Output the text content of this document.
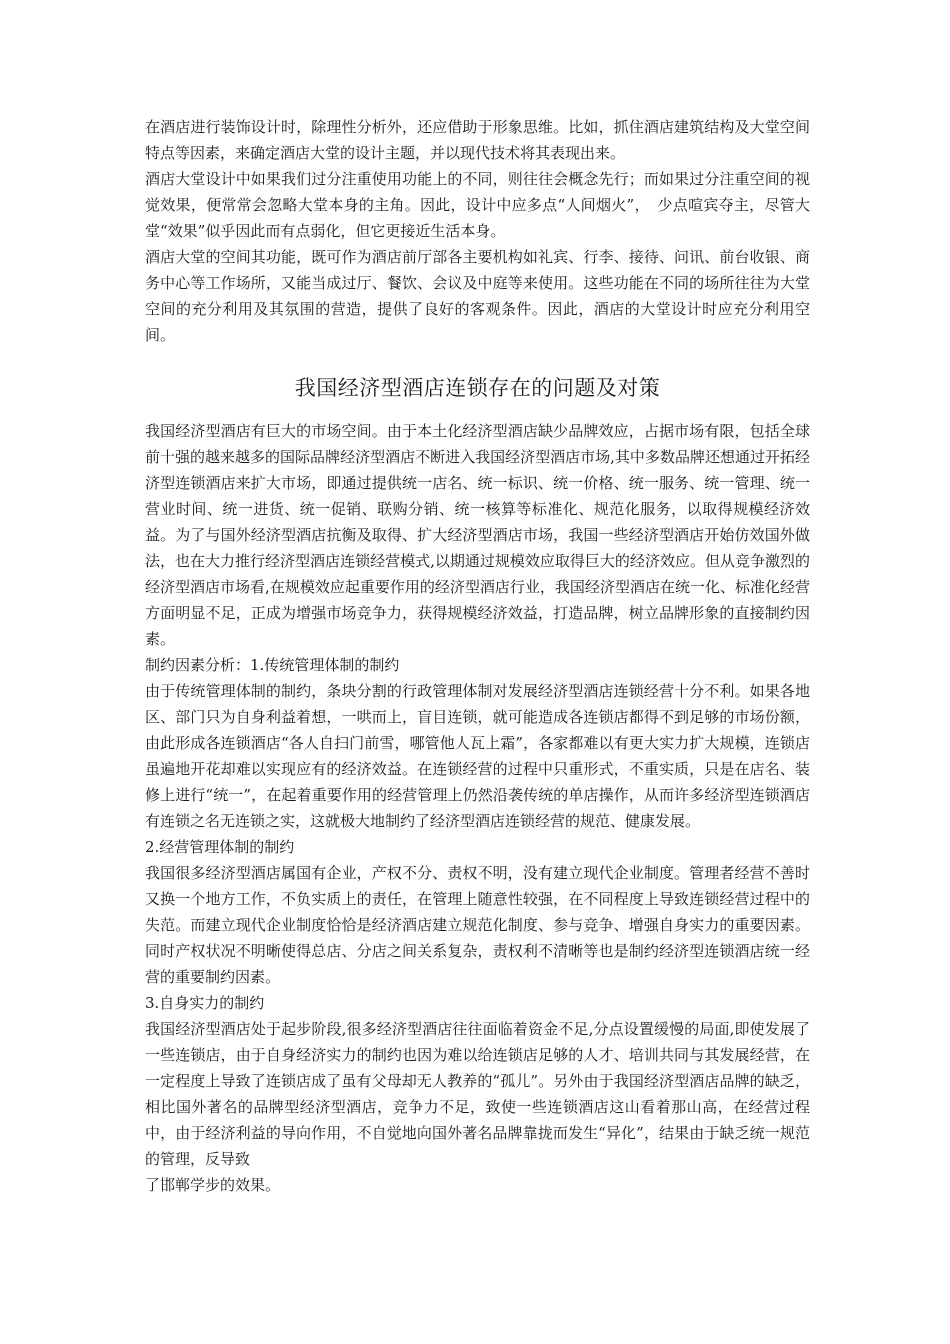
在酒店进行装饰设计时，除理性分析外，还应借助于形象思维。比如，抓住酒店建筑结构及大堂空间特点等因素，来确定酒店大堂的设计主题，并以现代技术将其表现出来。

酒店大堂设计中如果我们过分注重使用功能上的不同，则往往会概念先行；而如果过分注重空间的视觉效果，便常常会忽略大堂本身的主角。因此，设计中应多点“人间烟火”，　少点喧宾夺主，尽管大堂“效果”似乎因此而有点弱化，但它更接近生活本身。

酒店大堂的空间其功能，既可作为酒店前厅部各主要机构如礼宾、行李、接待、问讯、前台收银、商务中心等工作场所，又能当成过厅、餐饮、会议及中庭等来使用。这些功能在不同的场所往往为大堂空间的充分利用及其氛围的营造，提供了良好的客观条件。因此，酒店的大堂设计时应充分利用空间。

我国经济型酒店连锁存在的问题及对策

我国经济型酒店有巨大的市场空间。由于本土化经济型酒店缺少品牌效应，占据市场有限，包括全球前十强的越来越多的国际品牌经济型酒店不断进入我国经济型酒店市场,其中多数品牌还想通过开拓经济型连锁酒店来扩大市场，即通过提供统一店名、统一标识、统一价格、统一服务、统一管理、统一营业时间、统一进货、统一促销、联购分销、统一核算等标准化、规范化服务，以取得规模经济效益。为了与国外经济型酒店抗衡及取得、扩大经济型酒店市场，我国一些经济型酒店开始仿效国外做法，也在大力推行经济型酒店连锁经营模式,以期通过规模效应取得巨大的经济效应。但从竞争激烈的经济型酒店市场看,在规模效应起重要作用的经济型酒店行业，我国经济型酒店在统一化、标准化经营方面明显不足，正成为增强市场竞争力，获得规模经济效益，打造品牌，树立品牌形象的直接制约因素。

制约因素分析：1.传统管理体制的制约

由于传统管理体制的制约，条块分割的行政管理体制对发展经济型酒店连锁经营十分不利。如果各地区、部门只为自身利益着想，一哄而上，盲目连锁，就可能造成各连锁店都得不到足够的市场份额，由此形成各连锁酒店“各人自扫门前雪，哪管他人瓦上霜”，各家都难以有更大实力扩大规模，连锁店虽遍地开花却难以实现应有的经济效益。在连锁经营的过程中只重形式，不重实质，只是在店名、装修上进行“统一”，在起着重要作用的经营管理上仍然沿袭传统的单店操作，从而许多经济型连锁酒店有连锁之名无连锁之实，这就极大地制约了经济型酒店连锁经营的规范、健康发展。

2.经营管理体制的制约

我国很多经济型酒店属国有企业，产权不分、责权不明，没有建立现代企业制度。管理者经营不善时又换一个地方工作，不负实质上的责任，在管理上随意性较强，在不同程度上导致连锁经营过程中的失范。而建立现代企业制度恰恰是经济酒店建立规范化制度、参与竞争、增强自身实力的重要因素。同时产权状况不明晰使得总店、分店之间关系复杂，责权利不清晰等也是制约经济型连锁酒店统一经营的重要制约因素。

3.自身实力的制约

我国经济型酒店处于起步阶段,很多经济型酒店往往面临着资金不足,分点设置缓慢的局面,即使发展了一些连锁店，由于自身经济实力的制约也因为难以给连锁店足够的人才、培训共同与其发展经营，在一定程度上导致了连锁店成了虽有父母却无人教养的“孤儿”。另外由于我国经济型酒店品牌的缺乏，相比国外著名的品牌型经济型酒店，竞争力不足，致使一些连锁酒店这山看着那山高，在经营过程中，由于经济利益的导向作用，不自觉地向国外著名品牌靠拢而发生“异化”，结果由于缺乏统一规范的管理，反导致

了邯郸学步的效果。
